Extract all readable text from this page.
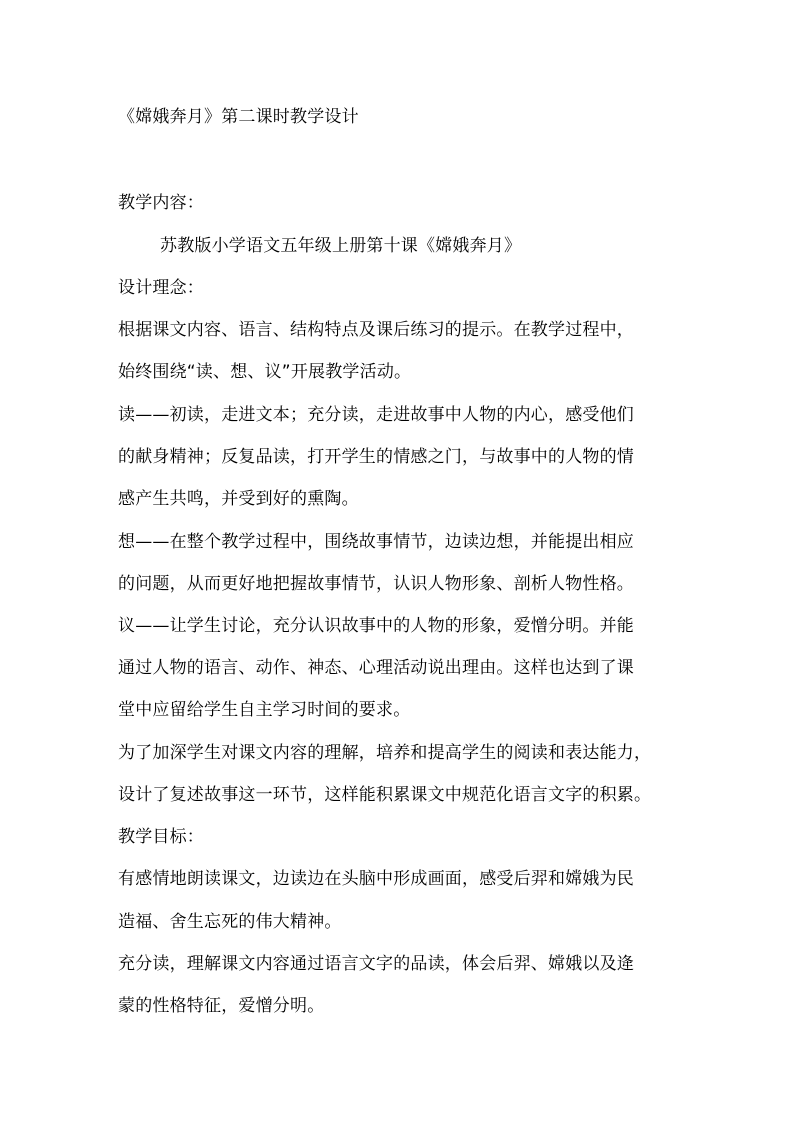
《嫦娥奔月》第二课时教学设计
教学内容：
苏教版小学语文五年级上册第十课《嫦娥奔月》
设计理念：
根据课文内容、语言、结构特点及课后练习的提示。在教学过程中，
始终围绕“读、想、议”开展教学活动。
读——初读，走进文本；充分读，走进故事中人物的内心，感受他们
的献身精神；反复品读，打开学生的情感之门，与故事中的人物的情
感产生共鸣，并受到好的熏陶。
想——在整个教学过程中，围绕故事情节，边读边想，并能提出相应
的问题，从而更好地把握故事情节，认识人物形象、剖析人物性格。
议——让学生讨论，充分认识故事中的人物的形象，爱憎分明。并能
通过人物的语言、动作、神态、心理活动说出理由。这样也达到了课
堂中应留给学生自主学习时间的要求。
为了加深学生对课文内容的理解，培养和提高学生的阅读和表达能力，
设计了复述故事这一环节，这样能积累课文中规范化语言文字的积累。
教学目标：
有感情地朗读课文，边读边在头脑中形成画面，感受后羿和嫦娥为民
造福、舍生忘死的伟大精神。
充分读，理解课文内容通过语言文字的品读，体会后羿、嫦娥以及逄
蒙的性格特征，爱憎分明。
